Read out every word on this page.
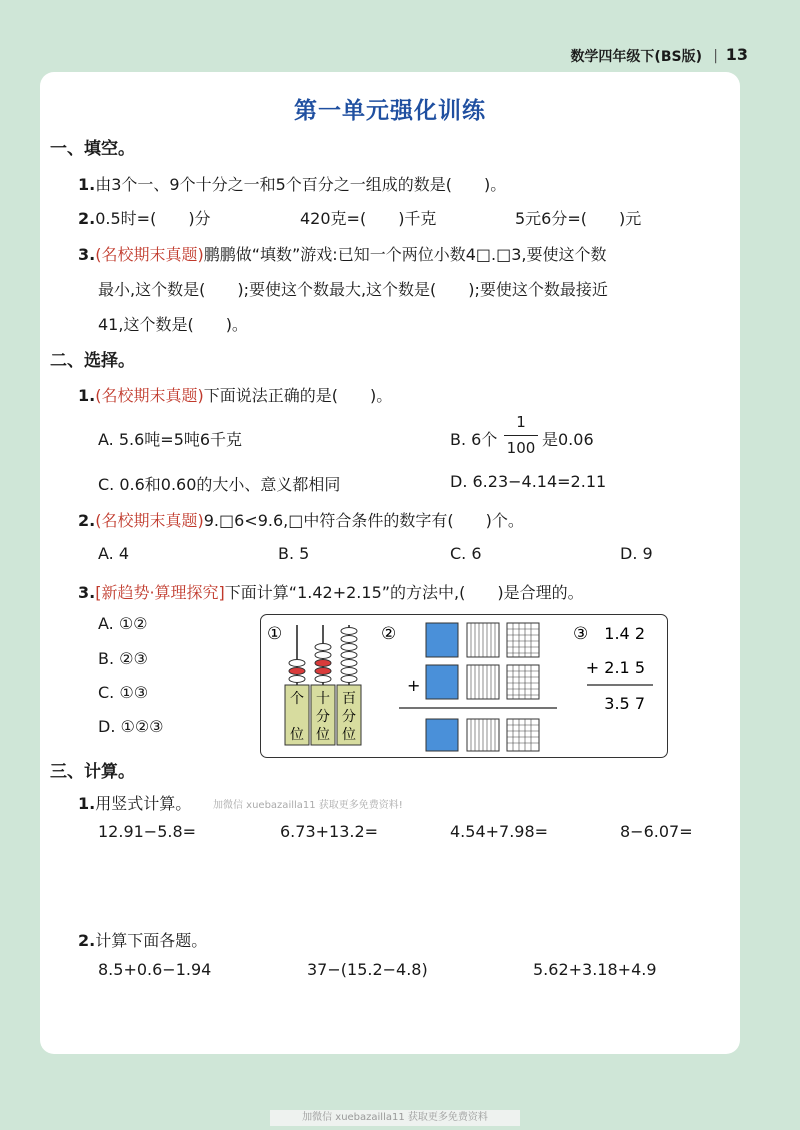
数学四年级下(BS版) | 13
第一单元强化训练
一、填空。
1.由3个一、9个十分之一和5个百分之一组成的数是(　　)。
2.0.5时=(　　)分	420克=(　　)千克	5元6分=(　　)元
3.(名校期末真题)鹏鹏做“填数”游戏:已知一个两位小数4□.□3,要使这个数
最小,这个数是(　　);要使这个数最大,这个数是(　　);要使这个数最接近
41,这个数是(　　)。
二、选择。
1.(名校期末真题)下面说法正确的是(　　)。
A. 5.6吨=5吨6千克	B. 6个
1
100 是0.06
C. 0.6和0.60的大小、意义都相同	D. 6.23−4.14=2.11
2.(名校期末真题)9.□6<9.6,□中符合条件的数字有(　　)个。
A. 4	B. 5	C. 6	D. 9
3.[新趋势·算理探究]下面计算“1.42+2.15”的方法中,(　　)是合理的。
A. ①②
B. ②③
C. ①③
D. ①②③
①	②	③
个
位
十
分
位
百
分
位
+
1.4 2
+ 2.1 5
3.5 7
三、计算。
1.用竖式计算。 加微信 xuebazailla11 获取更多免费资料!
12.91−5.8=	6.73+13.2=	4.54+7.98=	8−6.07=
2.计算下面各题。
8.5+0.6−1.94	37−(15.2−4.8)	5.62+3.18+4.9
加微信 xuebazailla11 获取更多免费资料
